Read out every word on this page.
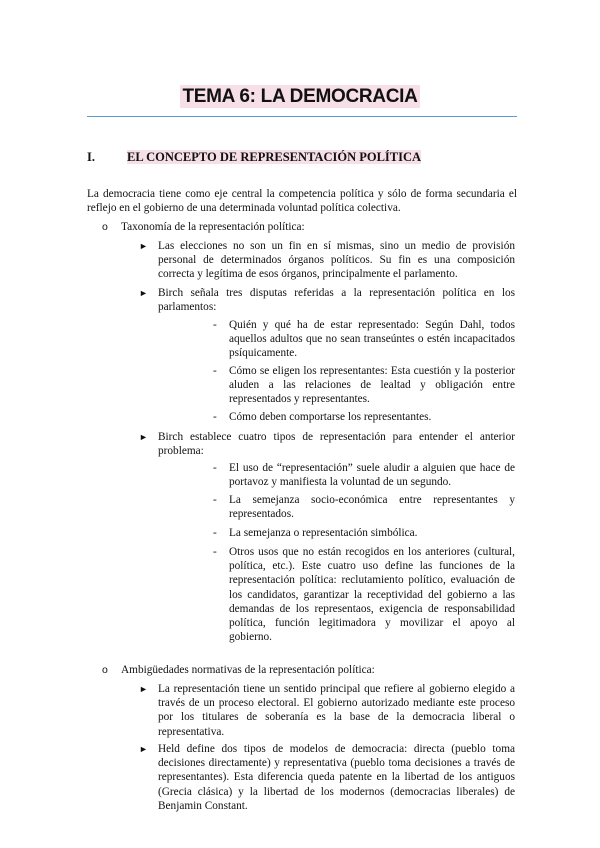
TEMA 6: LA DEMOCRACIA
I.	EL CONCEPTO DE REPRESENTACIÓN POLÍTICA
La democracia tiene como eje central la competencia política y sólo de forma secundaria el reflejo en el gobierno de una determinada voluntad política colectiva.
o Taxonomía de la representación política:
► Las elecciones no son un fin en sí mismas, sino un medio de provisión personal de determinados órganos políticos. Su fin es una composición correcta y legítima de esos órganos, principalmente el parlamento.
► Birch señala tres disputas referidas a la representación política en los parlamentos:
- Quién y qué ha de estar representado: Según Dahl, todos aquellos adultos que no sean transeúntes o estén incapacitados psíquicamente.
- Cómo se eligen los representantes: Esta cuestión y la posterior aluden a las relaciones de lealtad y obligación entre representados y representantes.
- Cómo deben comportarse los representantes.
► Birch establece cuatro tipos de representación para entender el anterior problema:
- El uso de “representación” suele aludir a alguien que hace de portavoz y manifiesta la voluntad de un segundo.
- La semejanza socio-económica entre representantes y representados.
- La semejanza o representación simbólica.
- Otros usos que no están recogidos en los anteriores (cultural, política, etc.). Este cuatro uso define las funciones de la representación política: reclutamiento político, evaluación de los candidatos, garantizar la receptividad del gobierno a las demandas de los representaos, exigencia de responsabilidad política, función legitimadora y movilizar el apoyo al gobierno.
o Ambigüedades normativas de la representación política:
► La representación tiene un sentido principal que refiere al gobierno elegido a través de un proceso electoral. El gobierno autorizado mediante este proceso por los titulares de soberanía es la base de la democracia liberal o representativa.
► Held define dos tipos de modelos de democracia: directa (pueblo toma decisiones directamente) y representativa (pueblo toma decisiones a través de representantes). Esta diferencia queda patente en la libertad de los antiguos (Grecia clásica) y la libertad de los modernos (democracias liberales) de Benjamin Constant.
